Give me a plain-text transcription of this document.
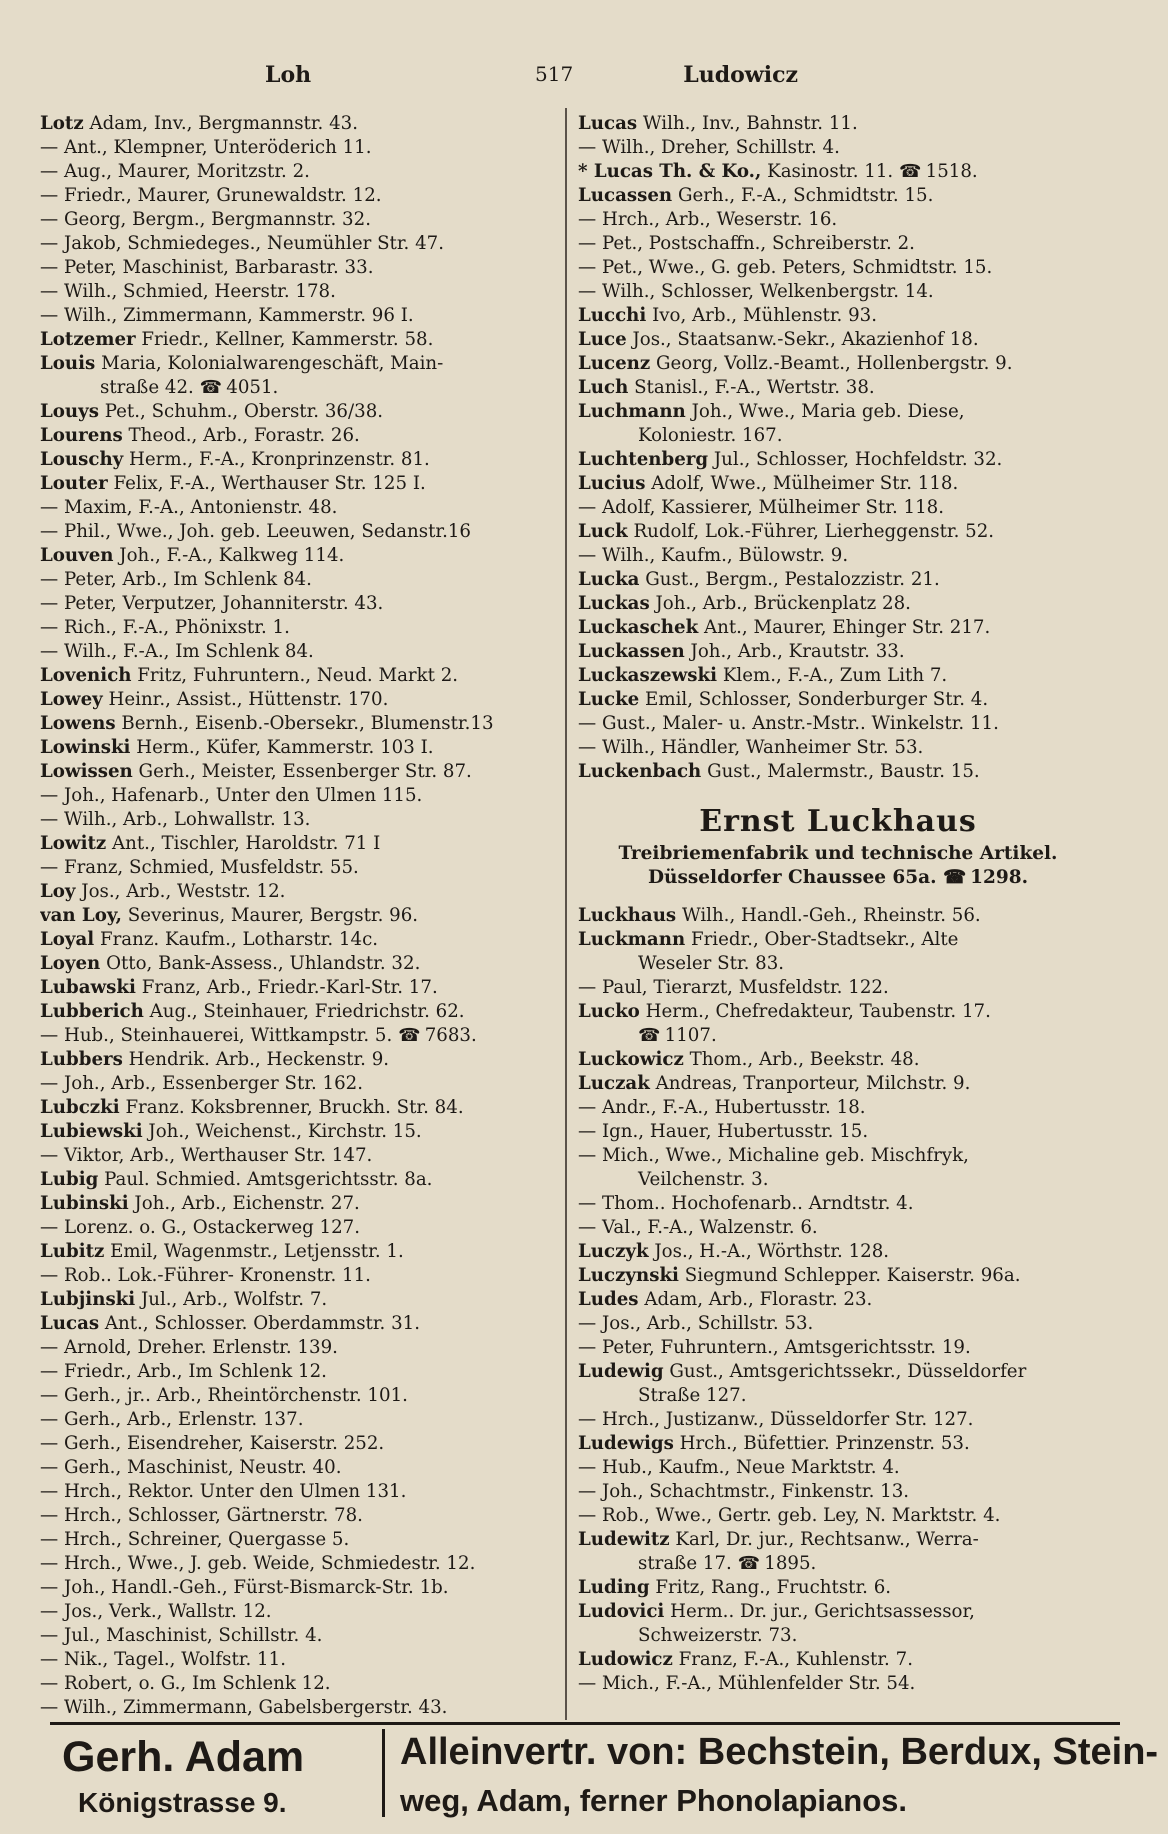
Loh	517	Ludowicz
Lotz Adam, Inv., Bergmannstr. 43.
— Ant., Klempner, Unteröderich 11.
— Aug., Maurer, Moritzstr. 2.
— Friedr., Maurer, Grunewaldstr. 12.
— Georg, Bergm., Bergmannstr. 32.
— Jakob, Schmiedeges., Neumühler Str. 47.
— Peter, Maschinist, Barbarastr. 33.
— Wilh., Schmied, Heerstr. 178.
— Wilh., Zimmermann, Kammerstr. 96 I.
Lotzemer Friedr., Kellner, Kammerstr. 58.
Louis Maria, Kolonialwarengeschäft, Main-
straße 42. ☎ 4051.
Louys Pet., Schuhm., Oberstr. 36/38.
Lourens Theod., Arb., Forastr. 26.
Louschy Herm., F.-A., Kronprinzenstr. 81.
Louter Felix, F.-A., Werthauser Str. 125 I.
— Maxim, F.-A., Antonienstr. 48.
— Phil., Wwe., Joh. geb. Leeuwen, Sedanstr.16
Louven Joh., F.-A., Kalkweg 114.
— Peter, Arb., Im Schlenk 84.
— Peter, Verputzer, Johanniterstr. 43.
— Rich., F.-A., Phönixstr. 1.
— Wilh., F.-A., Im Schlenk 84.
Lovenich Fritz, Fuhruntern., Neud. Markt 2.
Lowey Heinr., Assist., Hüttenstr. 170.
Lowens Bernh., Eisenb.-Obersekr., Blumenstr.13
Lowinski Herm., Küfer, Kammerstr. 103 I.
Lowissen Gerh., Meister, Essenberger Str. 87.
— Joh., Hafenarb., Unter den Ulmen 115.
— Wilh., Arb., Lohwallstr. 13.
Lowitz Ant., Tischler, Haroldstr. 71 I
— Franz, Schmied, Musfeldstr. 55.
Loy Jos., Arb., Weststr. 12.
van Loy, Severinus, Maurer, Bergstr. 96.
Loyal Franz. Kaufm., Lotharstr. 14c.
Loyen Otto, Bank-Assess., Uhlandstr. 32.
Lubawski Franz, Arb., Friedr.-Karl-Str. 17.
Lubberich Aug., Steinhauer, Friedrichstr. 62.
— Hub., Steinhauerei, Wittkampstr. 5. ☎ 7683.
Lubbers Hendrik. Arb., Heckenstr. 9.
— Joh., Arb., Essenberger Str. 162.
Lubczki Franz. Koksbrenner, Bruckh. Str. 84.
Lubiewski Joh., Weichenst., Kirchstr. 15.
— Viktor, Arb., Werthauser Str. 147.
Lubig Paul. Schmied. Amtsgerichtsstr. 8a.
Lubinski Joh., Arb., Eichenstr. 27.
— Lorenz. o. G., Ostackerweg 127.
Lubitz Emil, Wagenmstr., Letjensstr. 1.
— Rob.. Lok.-Führer- Kronenstr. 11.
Lubjinski Jul., Arb., Wolfstr. 7.
Lucas Ant., Schlosser. Oberdammstr. 31.
— Arnold, Dreher. Erlenstr. 139.
— Friedr., Arb., Im Schlenk 12.
— Gerh., jr.. Arb., Rheintörchenstr. 101.
— Gerh., Arb., Erlenstr. 137.
— Gerh., Eisendreher, Kaiserstr. 252.
— Gerh., Maschinist, Neustr. 40.
— Hrch., Rektor. Unter den Ulmen 131.
— Hrch., Schlosser, Gärtnerstr. 78.
— Hrch., Schreiner, Quergasse 5.
— Hrch., Wwe., J. geb. Weide, Schmiedestr. 12.
— Joh., Handl.-Geh., Fürst-Bismarck-Str. 1b.
— Jos., Verk., Wallstr. 12.
— Jul., Maschinist, Schillstr. 4.
— Nik., Tagel., Wolfstr. 11.
— Robert, o. G., Im Schlenk 12.
— Wilh., Zimmermann, Gabelsbergerstr. 43.
Lucas Wilh., Inv., Bahnstr. 11.
— Wilh., Dreher, Schillstr. 4.
* Lucas Th. & Ko., Kasinostr. 11. ☎ 1518.
Lucassen Gerh., F.-A., Schmidtstr. 15.
— Hrch., Arb., Weserstr. 16.
— Pet., Postschaffn., Schreiberstr. 2.
— Pet., Wwe., G. geb. Peters, Schmidtstr. 15.
— Wilh., Schlosser, Welkenbergstr. 14.
Lucchi Ivo, Arb., Mühlenstr. 93.
Luce Jos., Staatsanw.-Sekr., Akazienhof 18.
Lucenz Georg, Vollz.-Beamt., Hollenbergstr. 9.
Luch Stanisl., F.-A., Wertstr. 38.
Luchmann Joh., Wwe., Maria geb. Diese,
Koloniestr. 167.
Luchtenberg Jul., Schlosser, Hochfeldstr. 32.
Lucius Adolf, Wwe., Mülheimer Str. 118.
— Adolf, Kassierer, Mülheimer Str. 118.
Luck Rudolf, Lok.-Führer, Lierheggenstr. 52.
— Wilh., Kaufm., Bülowstr. 9.
Lucka Gust., Bergm., Pestalozzistr. 21.
Luckas Joh., Arb., Brückenplatz 28.
Luckaschek Ant., Maurer, Ehinger Str. 217.
Luckassen Joh., Arb., Krautstr. 33.
Luckaszewski Klem., F.-A., Zum Lith 7.
Lucke Emil, Schlosser, Sonderburger Str. 4.
— Gust., Maler- u. Anstr.-Mstr.. Winkelstr. 11.
— Wilh., Händler, Wanheimer Str. 53.
Luckenbach Gust., Malermstr., Baustr. 15.
Ernst Luckhaus
Treibriemenfabrik und technische Artikel.
Düsseldorfer Chaussee 65a. ☎ 1298.
Luckhaus Wilh., Handl.-Geh., Rheinstr. 56.
Luckmann Friedr., Ober-Stadtsekr., Alte
Weseler Str. 83.
— Paul, Tierarzt, Musfeldstr. 122.
Lucko Herm., Chefredakteur, Taubenstr. 17.
☎ 1107.
Luckowicz Thom., Arb., Beekstr. 48.
Luczak Andreas, Tranporteur, Milchstr. 9.
— Andr., F.-A., Hubertusstr. 18.
— Ign., Hauer, Hubertusstr. 15.
— Mich., Wwe., Michaline geb. Mischfryk,
Veilchenstr. 3.
— Thom.. Hochofenarb.. Arndtstr. 4.
— Val., F.-A., Walzenstr. 6.
Luczyk Jos., H.-A., Wörthstr. 128.
Luczynski Siegmund Schlepper. Kaiserstr. 96a.
Ludes Adam, Arb., Florastr. 23.
— Jos., Arb., Schillstr. 53.
— Peter, Fuhruntern., Amtsgerichtsstr. 19.
Ludewig Gust., Amtsgerichtssekr., Düsseldorfer
Straße 127.
— Hrch., Justizanw., Düsseldorfer Str. 127.
Ludewigs Hrch., Büfettier. Prinzenstr. 53.
— Hub., Kaufm., Neue Marktstr. 4.
— Joh., Schachtmstr., Finkenstr. 13.
— Rob., Wwe., Gertr. geb. Ley, N. Marktstr. 4.
Ludewitz Karl, Dr. jur., Rechtsanw., Werra-
straße 17. ☎ 1895.
Luding Fritz, Rang., Fruchtstr. 6.
Ludovici Herm.. Dr. jur., Gerichtsassessor,
Schweizerstr. 73.
Ludowicz Franz, F.-A., Kuhlenstr. 7.
— Mich., F.-A., Mühlenfelder Str. 54.
Gerh. Adam
Königstrasse 9.
Alleinvertr. von: Bechstein, Berdux, Stein-
weg, Adam, ferner Phonolapianos.
